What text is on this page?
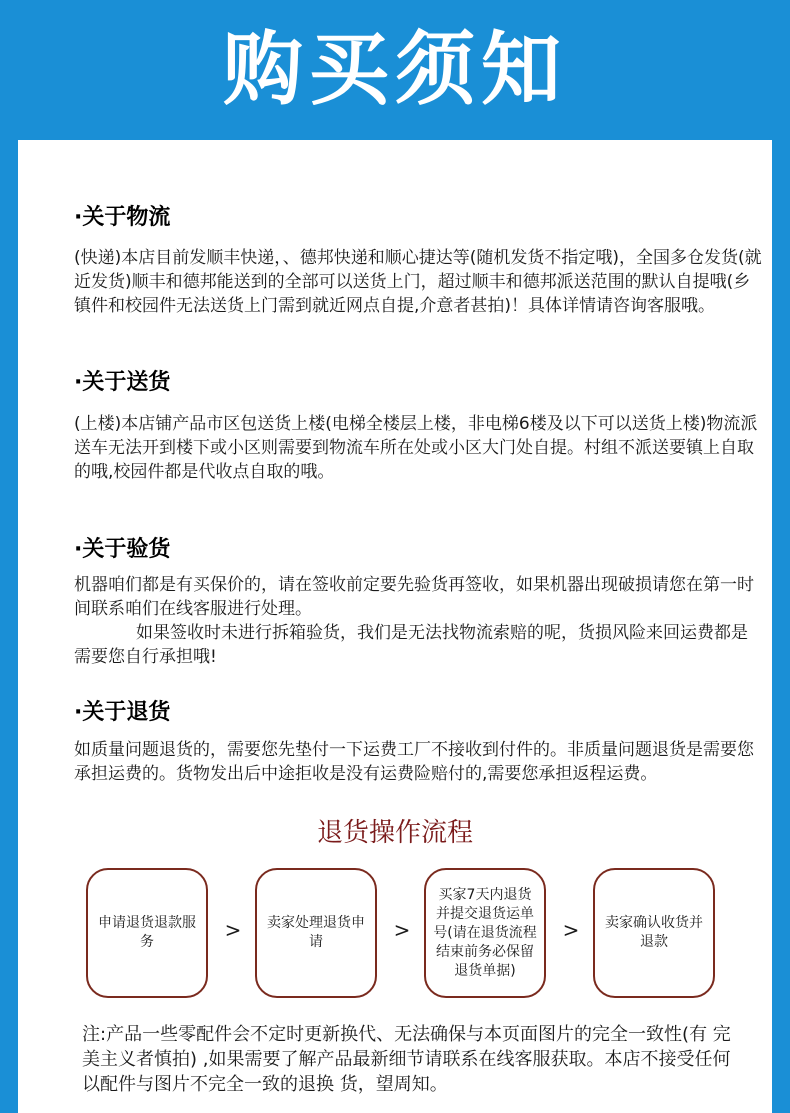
购买须知
·关于物流
(快递)本店目前发顺丰快递，、德邦快递和顺心捷达等(随机发货不指定哦)，全国多仓发货(就近发货)顺丰和德邦能送到的全部可以送货上门，超过顺丰和德邦派送范围的默认自提哦(乡镇件和校园件无法送货上门需到就近网点自提,介意者甚拍)！具体详情请咨询客服哦。
·关于送货
(上楼)本店铺产品市区包送货上楼(电梯全楼层上楼，非电梯6楼及以下可以送货上楼)物流派送车无法开到楼下或小区则需要到物流车所在处或小区大门处自提。村组不派送要镇上自取的哦,校园件都是代收点自取的哦。
·关于验货
机器咱们都是有买保价的，请在签收前定要先验货再签收，如果机器出现破损请您在第一时间联系咱们在线客服进行处理。
如果签收时未进行拆箱验货，我们是无法找物流索赔的呢，货损风险来回运费都是需要您自行承担哦!
·关于退货
如质量问题退货的，需要您先垫付一下运费工厂不接收到付件的。非质量问题退货是需要您承担运费的。货物发出后中途拒收是没有运费险赔付的,需要您承担返程运费。
退货操作流程
申请退货退款服务	> 卖家处理退货申请	>
买家7天内退货并提交退货运单号(请在退货流程结束前务必保留退货单据)
> 卖家确认收货并退款
注:产品一些零配件会不定时更新换代、无法确保与本页面图片的完全一致性(有 完美主义者慎拍) ,如果需要了解产品最新细节请联系在线客服获取。本店不接受任何以配件与图片不完全一致的退换 货，望周知。
